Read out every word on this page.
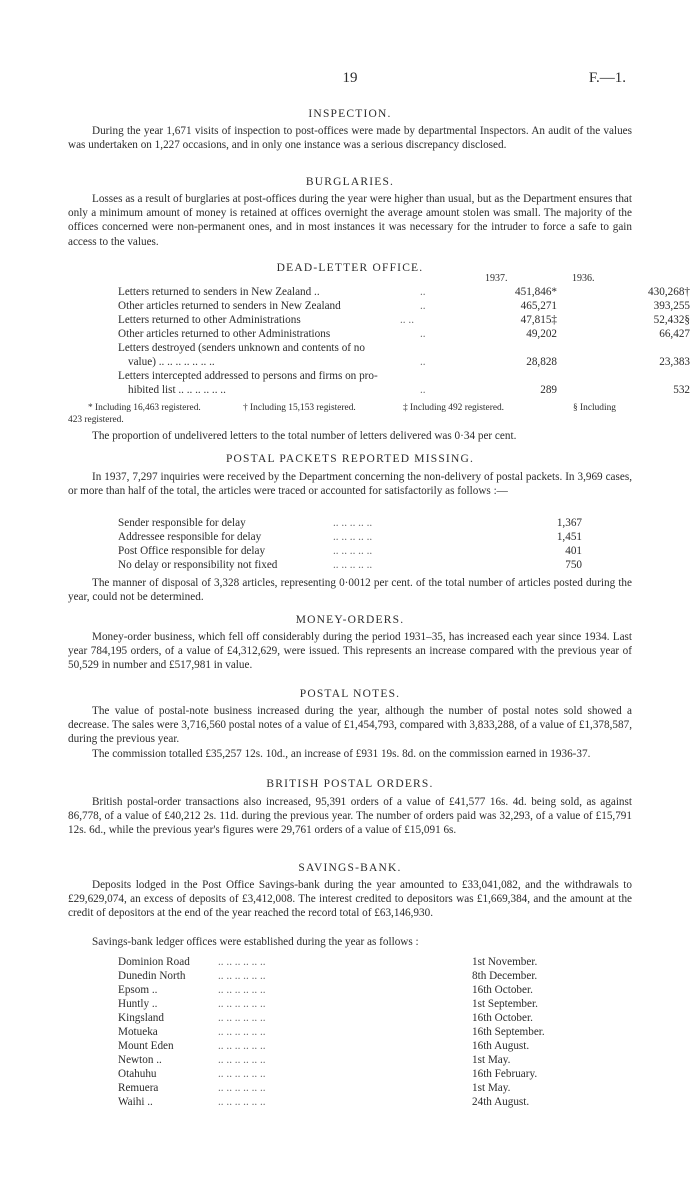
19	F.—1.
INSPECTION.
During the year 1,671 visits of inspection to post-offices were made by departmental Inspectors. An audit of the values was undertaken on 1,227 occasions, and in only one instance was a serious discrepancy disclosed.
BURGLARIES.
Losses as a result of burglaries at post-offices during the year were higher than usual, but as the Department ensures that only a minimum amount of money is retained at offices overnight the average amount stolen was small. The majority of the offices concerned were non-permanent ones, and in most instances it was necessary for the intruder to force a safe to gain access to the values.
DEAD-LETTER OFFICE.
1937.	1936.
Letters returned to senders in New Zealand ..	..	451,846*	430,268†
Other articles returned to senders in New Zealand	..	465,271	393,255
Letters returned to other Administrations	.. ..	47,815‡	52,432§
Other articles returned to other Administrations	..	49,202	66,427
Letters destroyed (senders unknown and contents of no
value) .. .. .. .. .. .. ..	..	28,828	23,383
Letters intercepted addressed to persons and firms on pro-
hibited list .. .. .. .. .. ..	..	289	532
* Including 16,463 registered.	† Including 15,153 registered.	‡ Including 492 registered.	§ Including
423 registered.
The proportion of undelivered letters to the total number of letters delivered was 0·34 per cent.
POSTAL PACKETS REPORTED MISSING.
In 1937, 7,297 inquiries were received by the Department concerning the non-delivery of postal packets. In 3,969 cases, or more than half of the total, the articles were traced or accounted for satisfactorily as follows :—
Sender responsible for delay	.. .. .. .. ..	1,367
Addressee responsible for delay	.. .. .. .. ..	1,451
Post Office responsible for delay	.. .. .. .. ..	401
No delay or responsibility not fixed	.. .. .. .. ..	750
The manner of disposal of 3,328 articles, representing 0·0012 per cent. of the total number of articles posted during the year, could not be determined.
MONEY-ORDERS.
Money-order business, which fell off considerably during the period 1931–35, has increased each year since 1934. Last year 784,195 orders, of a value of £4,312,629, were issued. This represents an increase compared with the previous year of 50,529 in number and £517,981 in value.
POSTAL NOTES.
The value of postal-note business increased during the year, although the number of postal notes sold showed a decrease. The sales were 3,716,560 postal notes of a value of £1,454,793, compared with 3,833,288, of a value of £1,378,587, during the previous year.
The commission totalled £35,257 12s. 10d., an increase of £931 19s. 8d. on the commission earned in 1936-37.
BRITISH POSTAL ORDERS.
British postal-order transactions also increased, 95,391 orders of a value of £41,577 16s. 4d. being sold, as against 86,778, of a value of £40,212 2s. 11d. during the previous year. The number of orders paid was 32,293, of a value of £15,791 12s. 6d., while the previous year's figures were 29,761 orders of a value of £15,091 6s.
SAVINGS-BANK.
Deposits lodged in the Post Office Savings-bank during the year amounted to £33,041,082, and the withdrawals to £29,629,074, an excess of deposits of £3,412,008. The interest credited to depositors was £1,669,384, and the amount at the credit of depositors at the end of the year reached the record total of £63,146,930.
Savings-bank ledger offices were established during the year as follows :
Dominion Road	.. .. .. .. .. ..	1st November.
Dunedin North	.. .. .. .. .. ..	8th December.
Epsom ..	.. .. .. .. .. ..	16th October.
Huntly ..	.. .. .. .. .. ..	1st September.
Kingsland	.. .. .. .. .. ..	16th October.
Motueka	.. .. .. .. .. ..	16th September.
Mount Eden	.. .. .. .. .. ..	16th August.
Newton ..	.. .. .. .. .. ..	1st May.
Otahuhu	.. .. .. .. .. ..	16th February.
Remuera	.. .. .. .. .. ..	1st May.
Waihi ..	.. .. .. .. .. ..	24th August.
